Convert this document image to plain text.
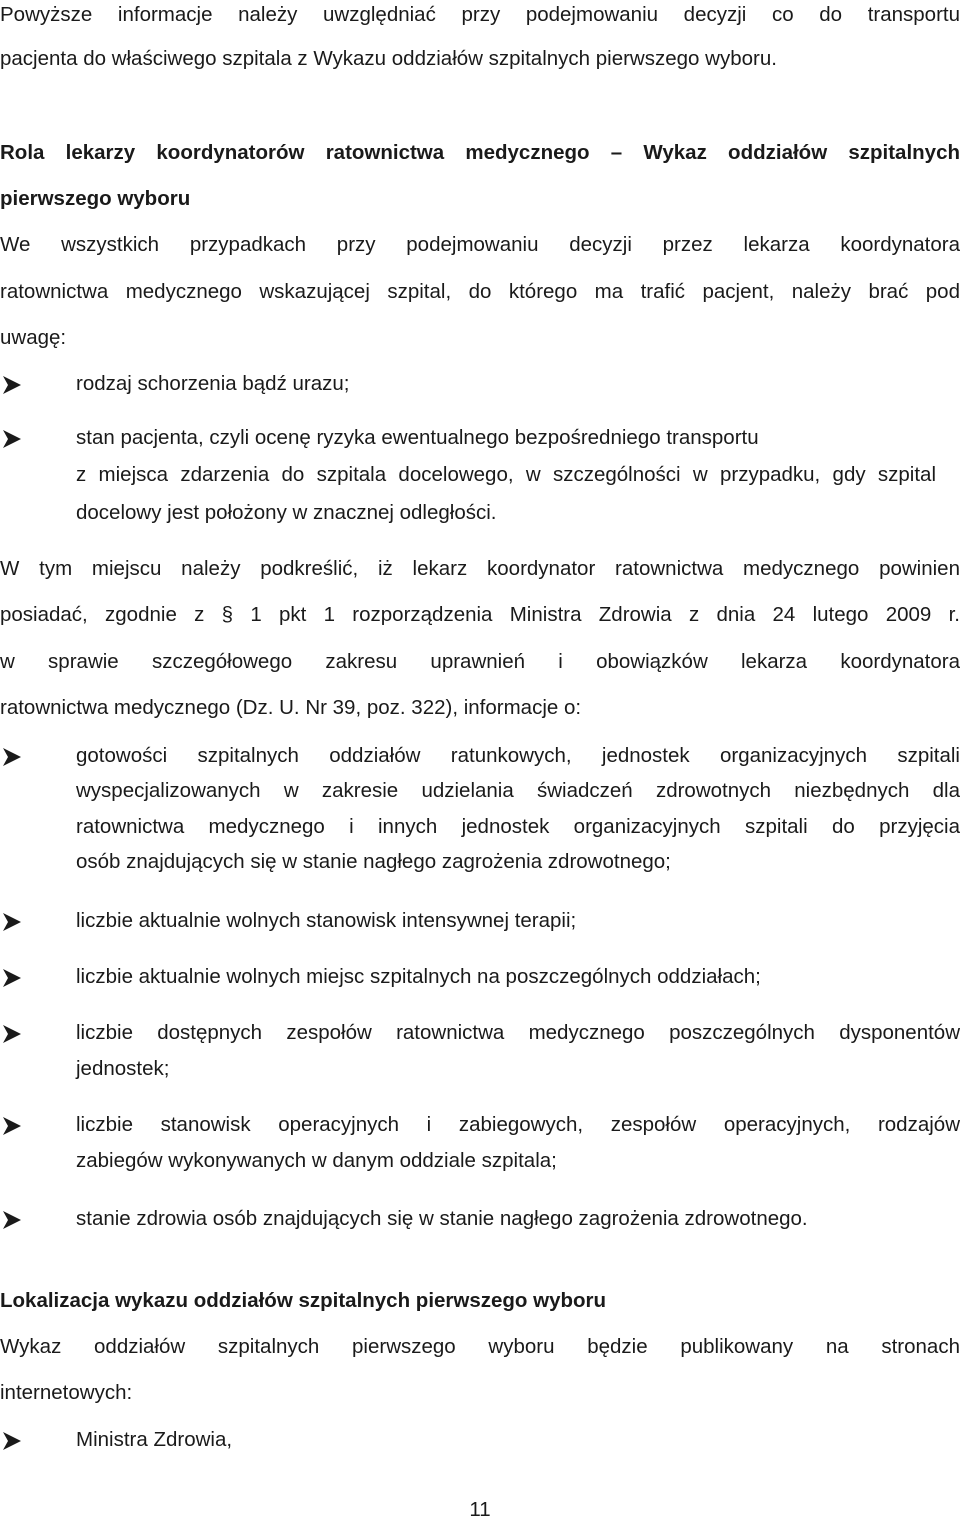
Powyższe informacje należy uwzględniać przy podejmowaniu decyzji co do transportu

pacjenta do właściwego szpitala z Wykazu oddziałów szpitalnych pierwszego wyboru.

Rola lekarzy koordynatorów ratownictwa medycznego – Wykaz oddziałów szpitalnych

pierwszego wyboru

We wszystkich przypadkach przy podejmowaniu decyzji przez lekarza koordynatora

ratownictwa medycznego wskazującej szpital, do którego ma trafić pacjent, należy brać pod

uwagę:

rodzaj schorzenia bądź urazu;

stan pacjenta, czyli ocenę ryzyka ewentualnego bezpośredniego transportu

z miejsca zdarzenia do szpitala docelowego, w szczególności w przypadku, gdy szpital

docelowy jest położony w znacznej odległości.

W tym miejscu należy podkreślić, iż lekarz koordynator ratownictwa medycznego powinien

posiadać, zgodnie z § 1 pkt 1 rozporządzenia Ministra Zdrowia z dnia 24 lutego 2009 r.

w sprawie szczegółowego zakresu uprawnień i obowiązków lekarza koordynatora

ratownictwa medycznego (Dz. U. Nr 39, poz. 322), informacje o:

gotowości szpitalnych oddziałów ratunkowych, jednostek organizacyjnych szpitali

wyspecjalizowanych w zakresie udzielania świadczeń zdrowotnych niezbędnych dla

ratownictwa medycznego i innych jednostek organizacyjnych szpitali do przyjęcia

osób znajdujących się w stanie nagłego zagrożenia zdrowotnego;

liczbie aktualnie wolnych stanowisk intensywnej terapii;

liczbie aktualnie wolnych miejsc szpitalnych na poszczególnych oddziałach;

liczbie dostępnych zespołów ratownictwa medycznego poszczególnych dysponentów

jednostek;

liczbie stanowisk operacyjnych i zabiegowych, zespołów operacyjnych, rodzajów

zabiegów wykonywanych w danym oddziale szpitala;

stanie zdrowia osób znajdujących się w stanie nagłego zagrożenia zdrowotnego.

Lokalizacja wykazu oddziałów szpitalnych pierwszego wyboru

Wykaz oddziałów szpitalnych pierwszego wyboru będzie publikowany na stronach

internetowych:

Ministra Zdrowia,

11
